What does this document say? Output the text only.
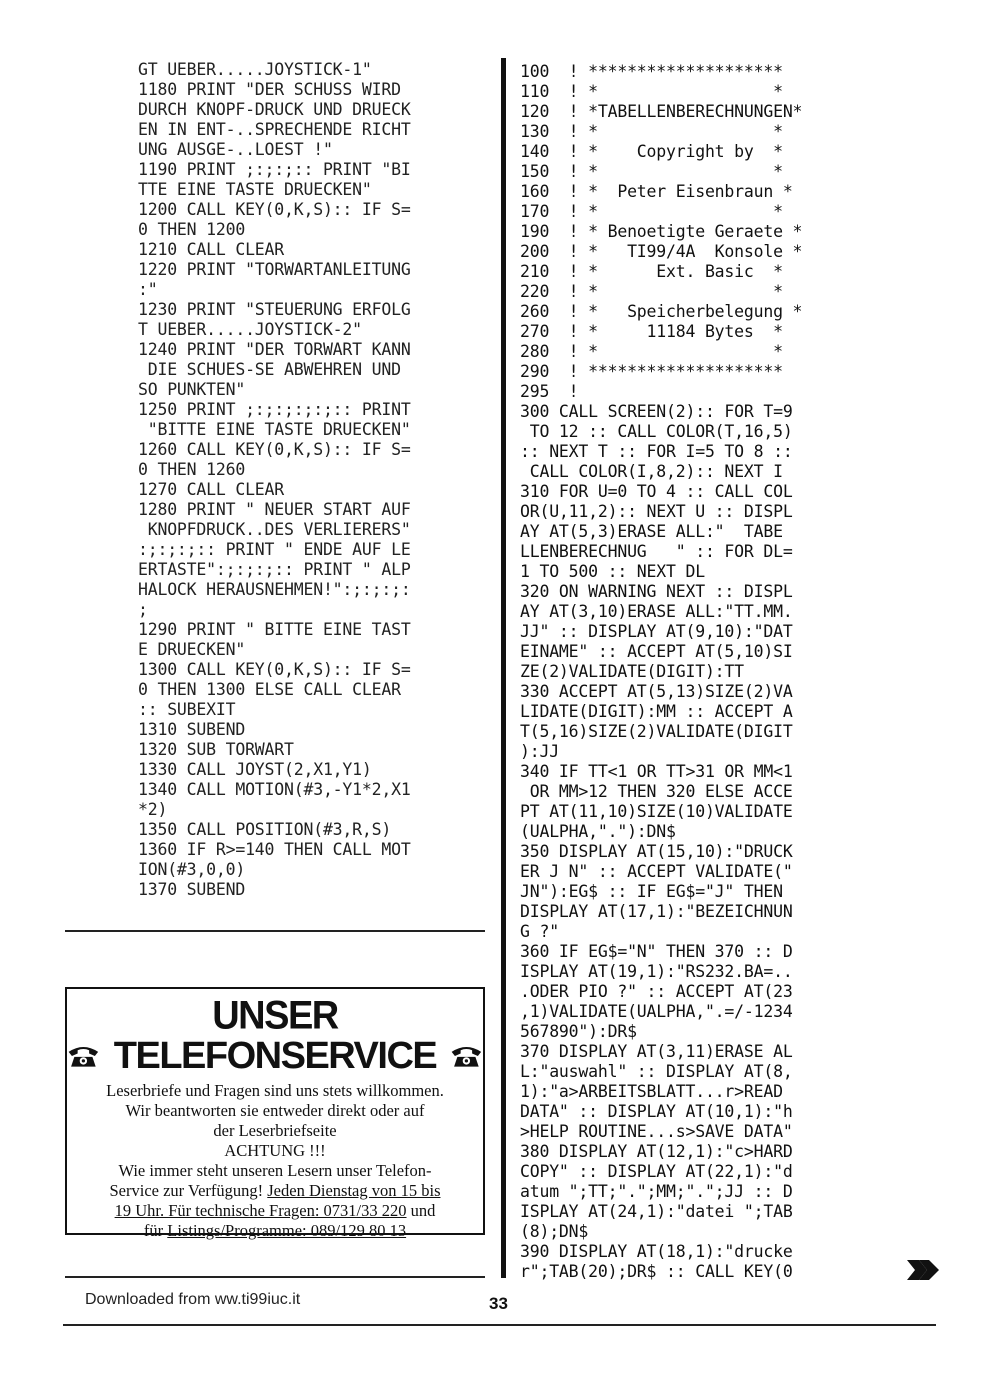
GT UEBER.....JOYSTICK-1"
1180 PRINT "DER SCHUSS WIRD
DURCH KNOPF-DRUCK UND DRUECK
EN IN ENT-..SPRECHENDE RICHT
UNG AUSGE-..LOEST !"
1190 PRINT ;:;:;:: PRINT "BI
TTE EINE TASTE DRUECKEN"
1200 CALL KEY(0,K,S):: IF S=
0 THEN 1200
1210 CALL CLEAR
1220 PRINT "TORWARTANLEITUNG
:"
1230 PRINT "STEUERUNG ERFOLG
T UEBER.....JOYSTICK-2"
1240 PRINT "DER TORWART KANN
DIE SCHUES-SE ABWEHREN UND
SO PUNKTEN"
1250 PRINT ;:;:;:;:;:: PRINT
"BITTE EINE TASTE DRUECKEN"
1260 CALL KEY(0,K,S):: IF S=
0 THEN 1260
1270 CALL CLEAR
1280 PRINT " NEUER START AUF
KNOPFDRUCK..DES VERLIERERS"
:;:;:;:: PRINT " ENDE AUF LE
ERTASTE":;:;:;:: PRINT " ALP
HALOCK HERAUSNEHMEN!":;:;:;:
;
1290 PRINT " BITTE EINE TAST
E DRUECKEN"
1300 CALL KEY(0,K,S):: IF S=
0 THEN 1300 ELSE CALL CLEAR
:: SUBEXIT
1310 SUBEND
1320 SUB TORWART
1330 CALL JOYST(2,X1,Y1)
1340 CALL MOTION(#3,-Y1*2,X1
*2)
1350 CALL POSITION(#3,R,S)
1360 IF R>=140 THEN CALL MOT
ION(#3,0,0)
1370 SUBEND
100  ! ********************
110  ! *                  *
120  ! *TABELLENBERECHNUNGEN*
130  ! *                  *
140  ! *    Copyright by  *
150  ! *                  *
160  ! *  Peter Eisenbraun *
170  ! *                  *
190  ! * Benoetigte Geraete *
200  ! *   TI99/4A  Konsole *
210  ! *      Ext. Basic  *
220  ! *                  *
260  ! *   Speicherbelegung *
270  ! *     11184 Bytes  *
280  ! *                  *
290  ! ********************
295  !
300 CALL SCREEN(2):: FOR T=9
TO 12 :: CALL COLOR(T,16,5)
:: NEXT T :: FOR I=5 TO 8 ::
CALL COLOR(I,8,2):: NEXT I
310 FOR U=0 TO 4 :: CALL COL
OR(U,11,2):: NEXT U :: DISPL
AY AT(5,3)ERASE ALL:"  TABE
LLENBERECHNUG   " :: FOR DL=
1 TO 500 :: NEXT DL
320 ON WARNING NEXT :: DISPL
AY AT(3,10)ERASE ALL:"TT.MM.
JJ" :: DISPLAY AT(9,10):"DAT
EINAME" :: ACCEPT AT(5,10)SI
ZE(2)VALIDATE(DIGIT):TT
330 ACCEPT AT(5,13)SIZE(2)VA
LIDATE(DIGIT):MM :: ACCEPT A
T(5,16)SIZE(2)VALIDATE(DIGIT
):JJ
340 IF TT<1 OR TT>31 OR MM<1
OR MM>12 THEN 320 ELSE ACCE
PT AT(11,10)SIZE(10)VALIDATE
(UALPHA,"."):DN$
350 DISPLAY AT(15,10):"DRUCK
ER J N" :: ACCEPT VALIDATE("
JN"):EG$ :: IF EG$="J" THEN
DISPLAY AT(17,1):"BEZEICHNUN
G ?"
360 IF EG$="N" THEN 370 :: D
ISPLAY AT(19,1):"RS232.BA=..
.ODER PIO ?" :: ACCEPT AT(23
,1)VALIDATE(UALPHA,".=/-1234
567890"):DR$
370 DISPLAY AT(3,11)ERASE AL
L:"auswahl" :: DISPLAY AT(8,
1):"a>ARBEITSBLATT...r>READ
DATA" :: DISPLAY AT(10,1):"h
>HELP ROUTINE...s>SAVE DATA"
380 DISPLAY AT(12,1):"c>HARD
COPY" :: DISPLAY AT(22,1):"d
atum ";TT;".";MM;".";JJ :: D
ISPLAY AT(24,1):"datei ";TAB
(8);DN$
390 DISPLAY AT(18,1):"drucke
r";TAB(20);DR$ :: CALL KEY(0
UNSER
TELEFONSERVICE
Leserbriefe und Fragen sind uns stets willkommen.
Wir beantworten sie entweder direkt oder auf
der Leserbriefseite
ACHTUNG !!!
Wie immer steht unseren Lesern unser Telefon-
Service zur Verfügung! Jeden Dienstag von 15 bis
19 Uhr. Für technische Fragen: 0731/33 220 und
für Listings/Programme: 089/129 80 13
Downloaded from ww.ti99iuc.it	33
